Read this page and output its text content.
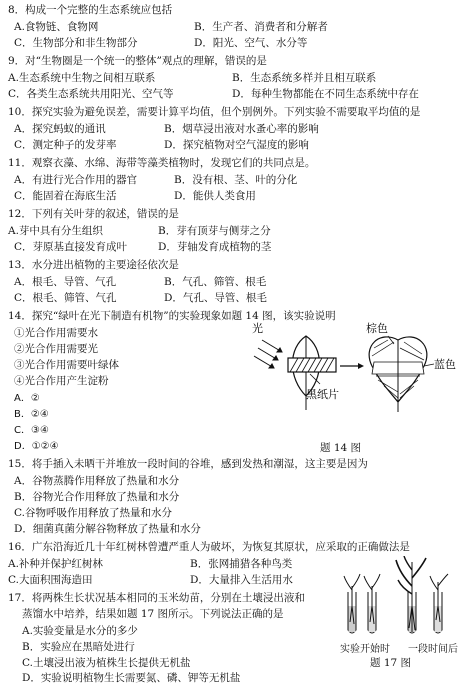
8．构成一个完整的生态系统应包括
A.食物链、食物网	B．生产者、消费者和分解者
C．生物部分和非生物部分	D．阳光、空气、水分等
9．对“生物圈是一个统一的整体”观点的理解，错误的是
A.生态系统中生物之间相互联系	B．生态系统多样并且相互联系
C．各类生态系统共用阳光、空气等	D．每种生物都能在不同生态系统中存在
10．探究实验为避免误差，需要计算平均值，但个别例外。下列实验不需要取平均值的是
A．探究蚂蚁的通讯	B．烟草浸出液对水蚤心率的影响
C．测定种子的发芽率	D．探究植物对空气湿度的影响
11．观察衣藻、水绵、海带等藻类植物时，发现它们的共同点是。
A．有进行光合作用的器官	B．没有根、茎、叶的分化
C．能固着在海底生活	D．能供人类食用
12．下列有关叶芽的叙述，错误的是
A.芽中具有分生组织	B．芽有顶芽与侧芽之分
C．芽原基直接发育成叶	D．芽轴发育成植物的茎
13．水分进出植物的主要途径依次是
A．根毛、导管、气孔	B．气孔、筛管、根毛
C．根毛、筛管、气孔	D．气孔、导管、根毛
14．探究“绿叶在光下制造有机物”的实验现象如题 14 图，该实验说明
①光合作用需要水
②光合作用需要光
③光合作用需要叶绿体
④光合作用产生淀粉
A．②
B．②④
C．③④
D．①②④
光	棕色
蓝色
黑纸片
题 14 图
15．将手插入未晒干并堆放一段时间的谷堆，感到发热和潮湿，这主要是因为
A．谷物蒸腾作用释放了热量和水分
B．谷物光合作用释放了热量和水分
C.谷物呼吸作用释放了热量和水分
D．细菌真菌分解谷物释放了热量和水分
16．广东沿海近几十年红树林曾遭严重人为破坏，为恢复其原状，应采取的正确做法是
A.补种并保护红树林	B．张网捕猎各种鸟类
C.大面积围海造田	D．大量排入生活用水
17．将两株生长状况基本相同的玉米幼苗，分别在土壤浸出液和
蒸馏水中培养，结果如题 17 图所示。下列说法正确的是
A.实验变量是水分的多少
B．实验应在黑暗处进行
C.土壤浸出液为植株生长提供无机盐
D．实验说明植物生长需要氮、磷、钾等无机盐
实验开始时 一段时间后
题 17 图
